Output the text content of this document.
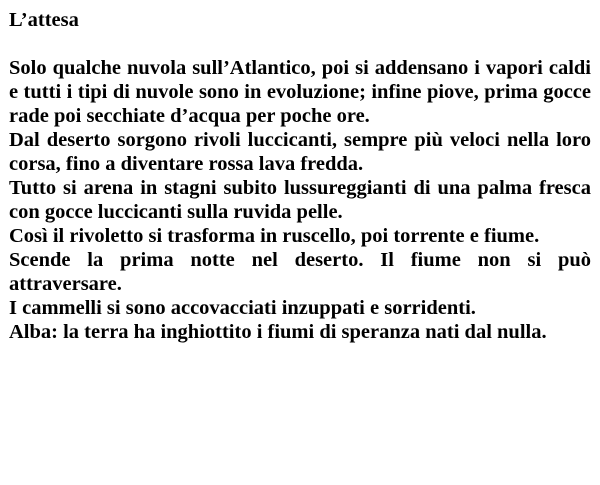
L’attesa

Solo qualche nuvola sull’Atlantico, poi si addensano i vapori caldi e tutti i tipi di nuvole sono in evoluzione; infine piove, prima gocce rade poi secchiate d’acqua per poche ore.

Dal deserto sorgono rivoli luccicanti, sempre più veloci nella loro corsa, fino a diventare rossa lava fredda.

Tutto si arena in stagni subito lussureggianti di una palma fresca con gocce luccicanti sulla ruvida pelle.

Così il rivoletto si trasforma in ruscello, poi torrente e fiume.

Scende la prima notte nel deserto. Il fiume non si può attraversare.

I cammelli si sono accovacciati inzuppati e sorridenti.

Alba: la terra ha inghiottito i fiumi di speranza nati dal nulla.
